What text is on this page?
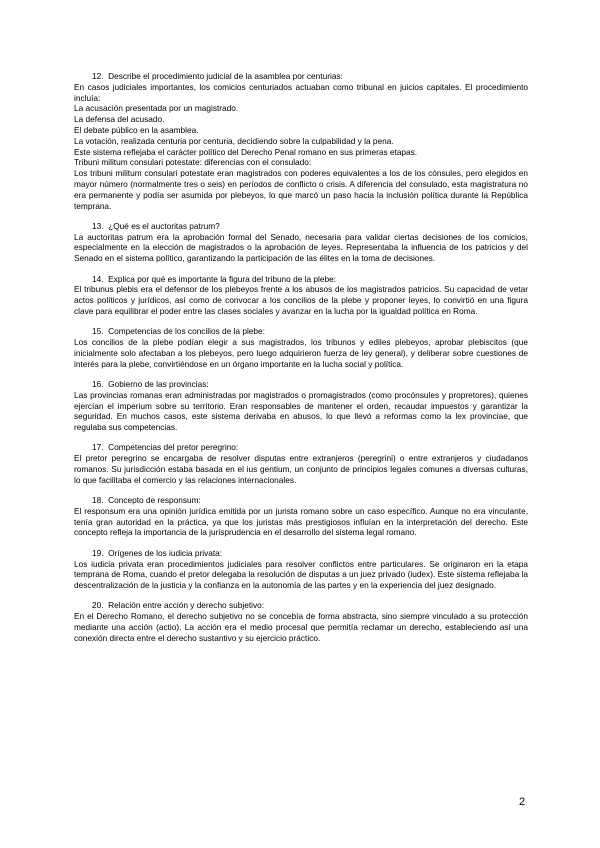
12.  Describe el procedimiento judicial de la asamblea por centurias:

En casos judiciales importantes, los comicios centuriados actuaban como tribunal en juicios capitales. El procedimiento incluía:

La acusación presentada por un magistrado.

La defensa del acusado.

El debate público en la asamblea.

La votación, realizada centuria por centuria, decidiendo sobre la culpabilidad y la pena.

Este sistema reflejaba el carácter político del Derecho Penal romano en sus primeras etapas.

Tribuni militum consulari potestate: diferencias con el consulado:

Los tribuni militum consulari potestate eran magistrados con poderes equivalentes a los de los cónsules, pero elegidos en mayor número (normalmente tres o seis) en períodos de conflicto o crisis. A diferencia del consulado, esta magistratura no era permanente y podía ser asumida por plebeyos, lo que marcó un paso hacia la inclusión política durante la República temprana.

13.  ¿Qué es el auctoritas patrum?

La auctoritas patrum era la aprobación formal del Senado, necesaria para validar ciertas decisiones de los comicios, especialmente en la elección de magistrados o la aprobación de leyes. Representaba la influencia de los patricios y del Senado en el sistema político, garantizando la participación de las élites en la toma de decisiones.

14.  Explica por qué es importante la figura del tribuno de la plebe:

El tribunus plebis era el defensor de los plebeyos frente a los abusos de los magistrados patricios. Su capacidad de vetar actos políticos y jurídicos, así como de convocar a los concilios de la plebe y proponer leyes, lo convirtió en una figura clave para equilibrar el poder entre las clases sociales y avanzar en la lucha por la igualdad política en Roma.

15.  Competencias de los concilios de la plebe:

Los concilios de la plebe podían elegir a sus magistrados, los tribunos y ediles plebeyos, aprobar plebiscitos (que inicialmente solo afectaban a los plebeyos, pero luego adquirieron fuerza de ley general), y deliberar sobre cuestiones de interés para la plebe, convirtiéndose en un órgano importante en la lucha social y política.

16.  Gobierno de las provincias:

Las provincias romanas eran administradas por magistrados o promagistrados (como procónsules y propretores), quienes ejercían el imperium sobre su territorio. Eran responsables de mantener el orden, recaudar impuestos y garantizar la seguridad. En muchos casos, este sistema derivaba en abusos, lo que llevó a reformas como la lex provinciae, que regulaba sus competencias.

17.  Competencias del pretor peregrino:

El pretor peregrino se encargaba de resolver disputas entre extranjeros (peregrini) o entre extranjeros y ciudadanos romanos. Su jurisdicción estaba basada en el ius gentium, un conjunto de principios legales comunes a diversas culturas, lo que facilitaba el comercio y las relaciones internacionales.

18.  Concepto de responsum:

El responsum era una opinión jurídica emitida por un jurista romano sobre un caso específico. Aunque no era vinculante, tenía gran autoridad en la práctica, ya que los juristas más prestigiosos influían en la interpretación del derecho. Este concepto refleja la importancia de la jurisprudencia en el desarrollo del sistema legal romano.

19.  Orígenes de los iudicia privata:

Los iudicia privata eran procedimientos judiciales para resolver conflictos entre particulares. Se originaron en la etapa temprana de Roma, cuando el pretor delegaba la resolución de disputas a un juez privado (iudex). Este sistema reflejaba la descentralización de la justicia y la confianza en la autonomía de las partes y en la experiencia del juez designado.

20.  Relación entre acción y derecho subjetivo:

En el Derecho Romano, el derecho subjetivo no se concebía de forma abstracta, sino siempre vinculado a su protección mediante una acción (actio). La acción era el medio procesal que permitía reclamar un derecho, estableciendo así una conexión directa entre el derecho sustantivo y su ejercicio práctico.

2
